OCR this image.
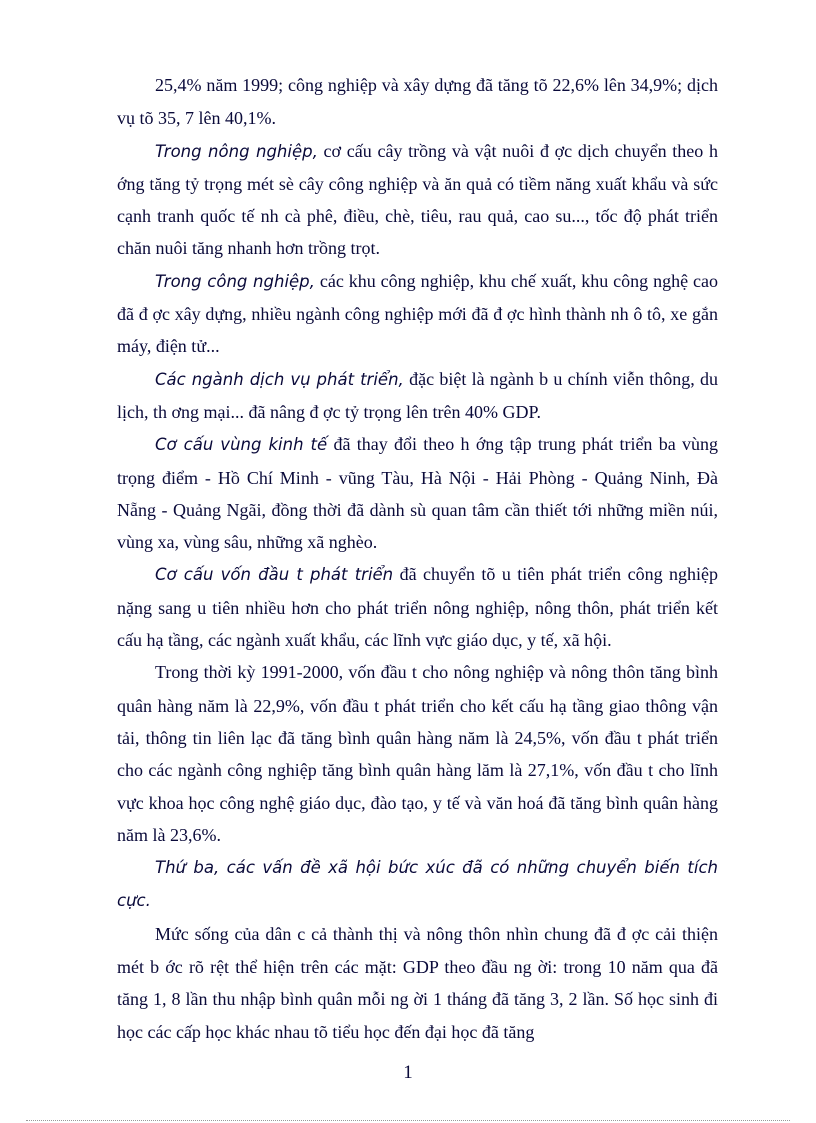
25,4% năm 1999; công nghiệp và xây dựng đã tăng tõ 22,6% lên 34,9%; dịch vụ tõ 35, 7 lên 40,1%.

Trong nông nghiệp, cơ cấu cây trồng và vật nuôi đ ợc dịch chuyển theo h ớng tăng tỷ trọng mét sè cây công nghiệp và ăn quả có tiềm năng xuất khẩu và sức cạnh tranh quốc tế nh cà phê, điều, chè, tiêu, rau quả, cao su..., tốc độ phát triển chăn nuôi tăng nhanh hơn trồng trọt.

Trong công nghiệp, các khu công nghiệp, khu chế xuất, khu công nghệ cao đã đ ợc xây dựng, nhiều ngành công nghiệp mới đã đ ợc hình thành nh ô tô, xe gắn máy, điện tử...

Các ngành dịch vụ phát triển, đặc biệt là ngành b u chính viễn thông, du lịch, th ơng mại... đã nâng đ ợc tỷ trọng lên trên 40% GDP.

Cơ cấu vùng kinh tế đã thay đổi theo h ớng tập trung phát triển ba vùng trọng điểm - Hồ Chí Minh - vũng Tàu, Hà Nội - Hải Phòng - Quảng Ninh, Đà Nẵng - Quảng Ngãi, đồng thời đã dành sù quan tâm cần thiết tới những miền núi, vùng xa, vùng sâu, những xã nghèo.

Cơ cấu vốn đầu t phát triển đã chuyển tõ u tiên phát triển công nghiệp nặng sang u tiên nhiều hơn cho phát triển nông nghiệp, nông thôn, phát triển kết cấu hạ tầng, các ngành xuất khẩu, các lĩnh vực giáo dục, y tế, xã hội.

Trong thời kỳ 1991-2000, vốn đầu t cho nông nghiệp và nông thôn tăng bình quân hàng năm là 22,9%, vốn đầu t phát triển cho kết cấu hạ tầng giao thông vận tải, thông tin liên lạc đã tăng bình quân hàng năm là 24,5%, vốn đầu t phát triển cho các ngành công nghiệp tăng bình quân hàng lăm là 27,1%, vốn đầu t cho lĩnh vực khoa học công nghệ giáo dục, đào tạo, y tế và văn hoá đã tăng bình quân hàng năm là 23,6%.

Thứ ba, các vấn đề xã hội bức xúc đã có những chuyển biến tích cực.

Mức sống của dân c cả thành thị và nông thôn nhìn chung đã đ ợc cải thiện mét b ớc rõ rệt thể hiện trên các mặt: GDP theo đầu ng ời: trong 10 năm qua đã tăng 1, 8 lần thu nhập bình quân mỗi ng ời 1 tháng đã tăng 3, 2 lần. Số học sinh đi học các cấp học khác nhau tõ tiểu học đến đại học đã tăng

1
